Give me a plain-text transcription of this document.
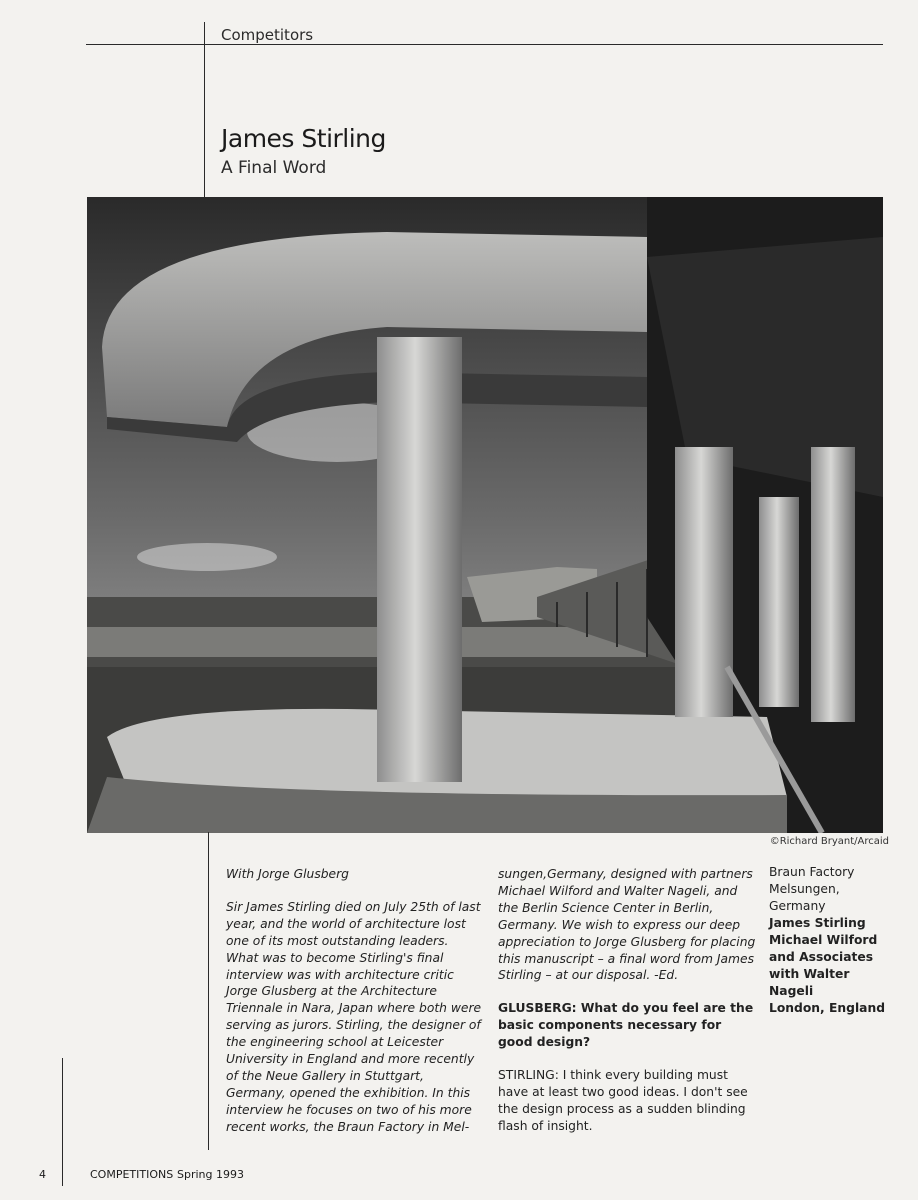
Competitors
James Stirling
A Final Word
©Richard Bryant/Arcaid

With Jorge Glusberg

Sir James Stirling died on July 25th of last year, and the world of architecture lost one of its most outstanding leaders. What was to become Stirling's final interview was with architecture critic Jorge Glusberg at the Architecture Triennale in Nara, Japan where both were serving as jurors. Stirling, the designer of the engineering school at Leicester University in England and more recently of the Neue Gallery in Stuttgart, Germany, opened the exhibition. In this interview he focuses on two of his more recent works, the Braun Factory in Mel-

sungen,Germany, designed with partners Michael Wilford and Walter Nageli, and the Berlin Science Center in Berlin, Germany. We wish to express our deep appreciation to Jorge Glusberg for placing this manuscript – a final word from James Stirling – at our disposal. -Ed.

GLUSBERG: What do you feel are the basic components necessary for good design?

STIRLING: I think every building must have at least two good ideas. I don't see the design process as a sudden blinding flash of insight.

Braun Factory

Melsungen, Germany

James Stirling

Michael Wilford

and Associates

with Walter Nageli

London, England

4	COMPETITIONS Spring 1993
